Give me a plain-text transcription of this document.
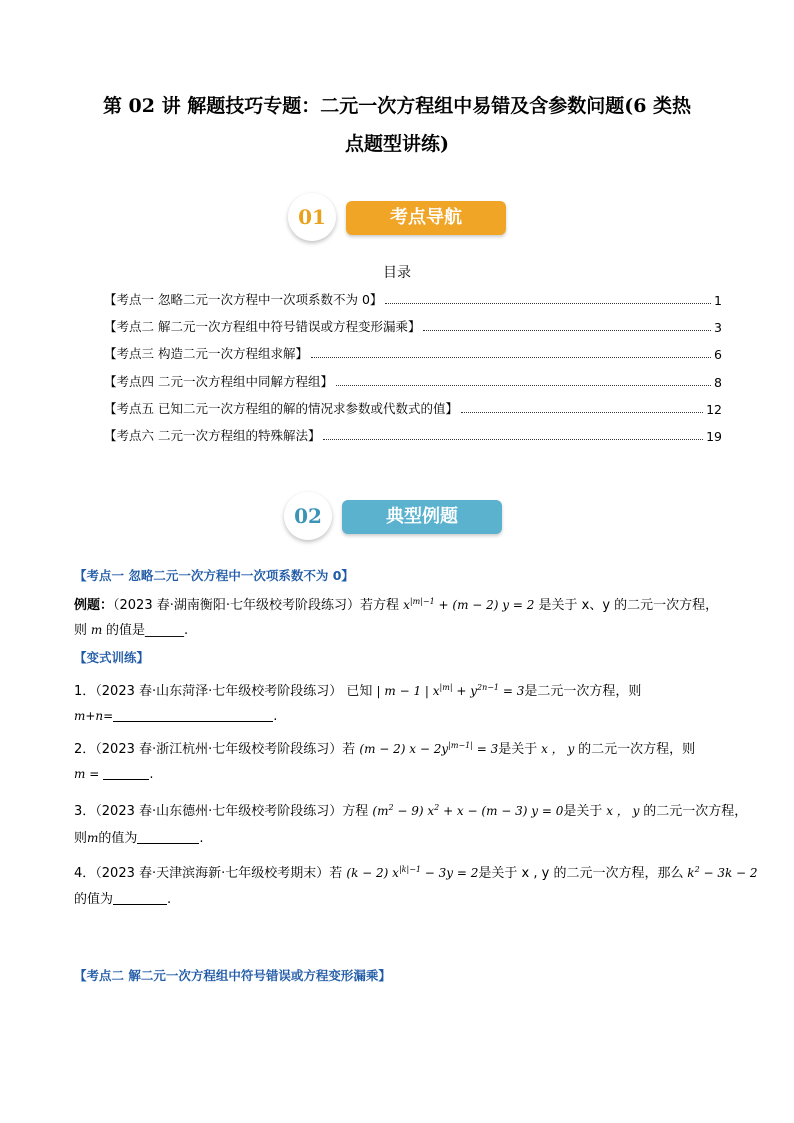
第 02 讲 解题技巧专题：二元一次方程组中易错及含参数问题(6 类热
点题型讲练)
01	考点导航
目录
【考点一 忽略二元一次方程中一次项系数不为 0】	1
【考点二 解二元一次方程组中符号错误或方程变形漏乘】	3
【考点三 构造二元一次方程组求解】	6
【考点四 二元一次方程组中同解方程组】	8
【考点五 已知二元一次方程组的解的情况求参数或代数式的值】	12
【考点六 二元一次方程组的特殊解法】	19
02	典型例题
【考点一 忽略二元一次方程中一次项系数不为 0】
例题：（2023 春·湖南衡阳·七年级校考阶段练习）若方程 $x^{|m|-1} + (m - 2) y = 2$ 是关于 x、y 的二元一次方程，
则 m 的值是______.
【变式训练】
1．（2023 春·山东菏泽·七年级校考阶段练习） 已知 | m − 1 | $x^{|m|} + y^{2n-1} = 3$是二元一次方程，则
m+n=	.
2．（2023 春·浙江杭州·七年级校考阶段练习）若 (m − 2) $x - 2y^{|m-1|} = 3$是关于 x ， y 的二元一次方程，则
m =	.
3．（2023 春·山东德州·七年级校考阶段练习）方程 $(m^2 - 9) x^2 + x - (m - 3) y = 0$是关于 x ， y 的二元一次方程，
则m的值为	.
4．（2023 春·天津滨海新·七年级校考期末）若 (k − 2) $x^{|k|-1} - 3y = 2$是关于 x , y 的二元一次方程，那么 $k^2 - 3k - 2$
的值为	.
【考点二 解二元一次方程组中符号错误或方程变形漏乘】
